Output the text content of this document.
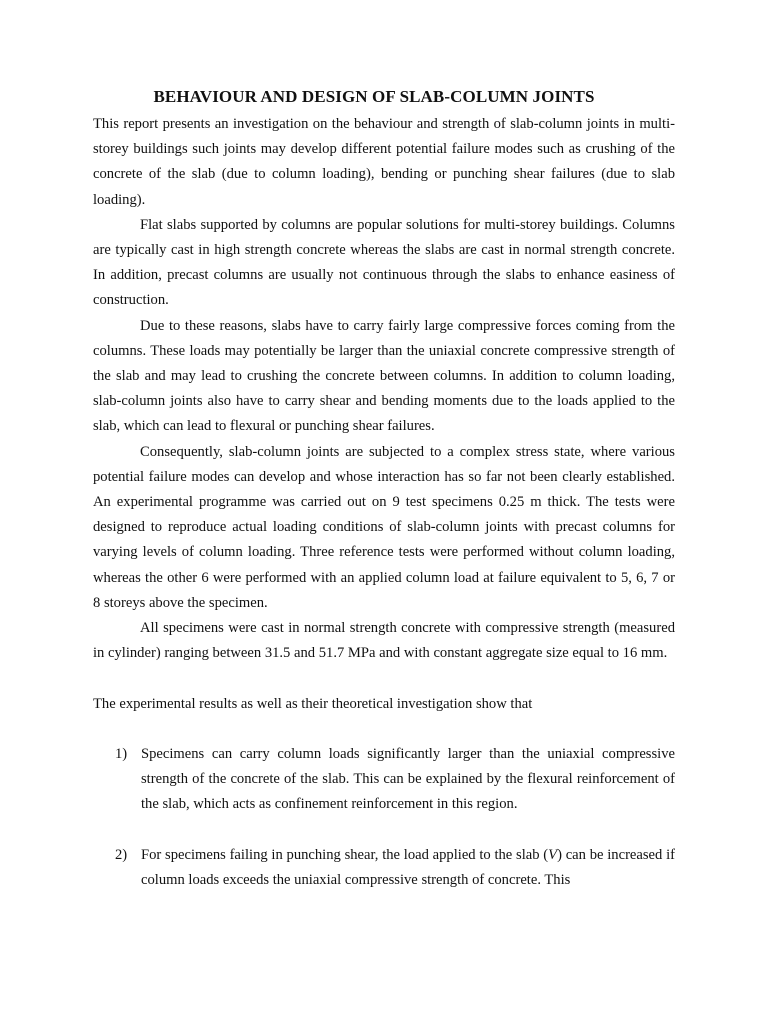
BEHAVIOUR AND DESIGN OF SLAB-COLUMN JOINTS

This report presents an investigation on the behaviour and strength of slab-column joints in multi-storey buildings such joints may develop different potential failure modes such as crushing of the concrete of the slab (due to column loading), bending or punching shear failures (due to slab loading).

Flat slabs supported by columns are popular solutions for multi-storey buildings. Columns are typically cast in high strength concrete whereas the slabs are cast in normal strength concrete. In addition, precast columns are usually not continuous through the slabs to enhance easiness of construction.

Due to these reasons, slabs have to carry fairly large compressive forces coming from the columns. These loads may potentially be larger than the uniaxial concrete compressive strength of the slab and may lead to crushing the concrete between columns. In addition to column loading, slab-column joints also have to carry shear and bending moments due to the loads applied to the slab, which can lead to flexural or punching shear failures.

Consequently, slab-column joints are subjected to a complex stress state, where various potential failure modes can develop and whose interaction has so far not been clearly established. An experimental programme was carried out on 9 test specimens 0.25 m thick. The tests were designed to reproduce actual loading conditions of slab-column joints with precast columns for varying levels of column loading. Three reference tests were performed without column loading, whereas the other 6 were performed with an applied column load at failure equivalent to 5, 6, 7 or 8 storeys above the specimen.

All specimens were cast in normal strength concrete with compressive strength (measured in cylinder) ranging between 31.5 and 51.7 MPa and with constant aggregate size equal to 16 mm.

The experimental results as well as their theoretical investigation show that

1) Specimens can carry column loads significantly larger than the uniaxial compressive strength of the concrete of the slab. This can be explained by the flexural reinforcement of the slab, which acts as confinement reinforcement in this region.
2) For specimens failing in punching shear, the load applied to the slab (V) can be increased if column loads exceeds the uniaxial compressive strength of concrete. This
